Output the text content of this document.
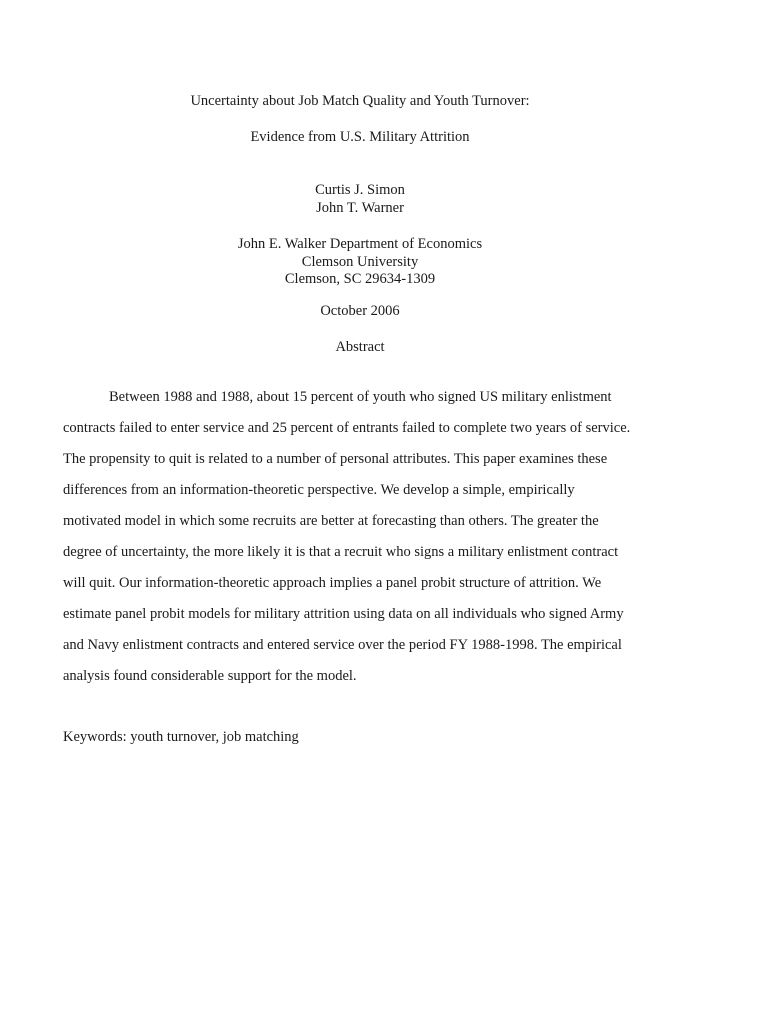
Uncertainty about Job Match Quality and Youth Turnover:
Evidence from U.S. Military Attrition
Curtis J. Simon
John T. Warner
John E. Walker Department of Economics
Clemson University
Clemson, SC 29634-1309
October 2006
Abstract
Between 1988 and 1988, about 15 percent of youth who signed US military enlistment
contracts failed to enter service and 25 percent of entrants failed to complete two years of service.
The propensity to quit is related to a number of personal attributes. This paper examines these
differences from an information-theoretic perspective. We develop a simple, empirically
motivated model in which some recruits are better at forecasting than others. The greater the
degree of uncertainty, the more likely it is that a recruit who signs a military enlistment contract
will quit. Our information-theoretic approach implies a panel probit structure of attrition. We
estimate panel probit models for military attrition using data on all individuals who signed Army
and Navy enlistment contracts and entered service over the period FY 1988-1998. The empirical
analysis found considerable support for the model.
Keywords: youth turnover, job matching
